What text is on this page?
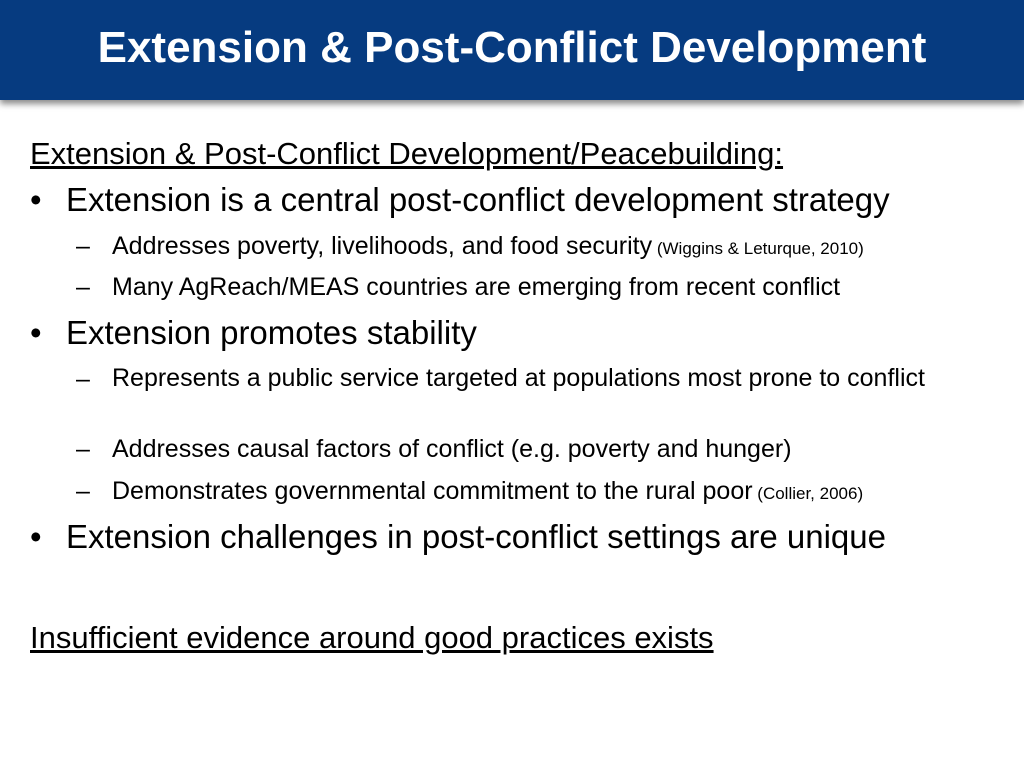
Extension & Post-Conflict Development
Extension & Post-Conflict Development/Peacebuilding:
• Extension is a central post-conflict development strategy
– Addresses poverty, livelihoods, and food security (Wiggins & Leturque, 2010)
– Many AgReach/MEAS countries are emerging from recent conflict
• Extension promotes stability
– Represents a public service targeted at populations most prone to conflict
– Addresses causal factors of conflict (e.g. poverty and hunger)
– Demonstrates governmental commitment to the rural poor (Collier, 2006)
• Extension challenges in post-conflict settings are unique
Insufficient evidence around good practices exists
